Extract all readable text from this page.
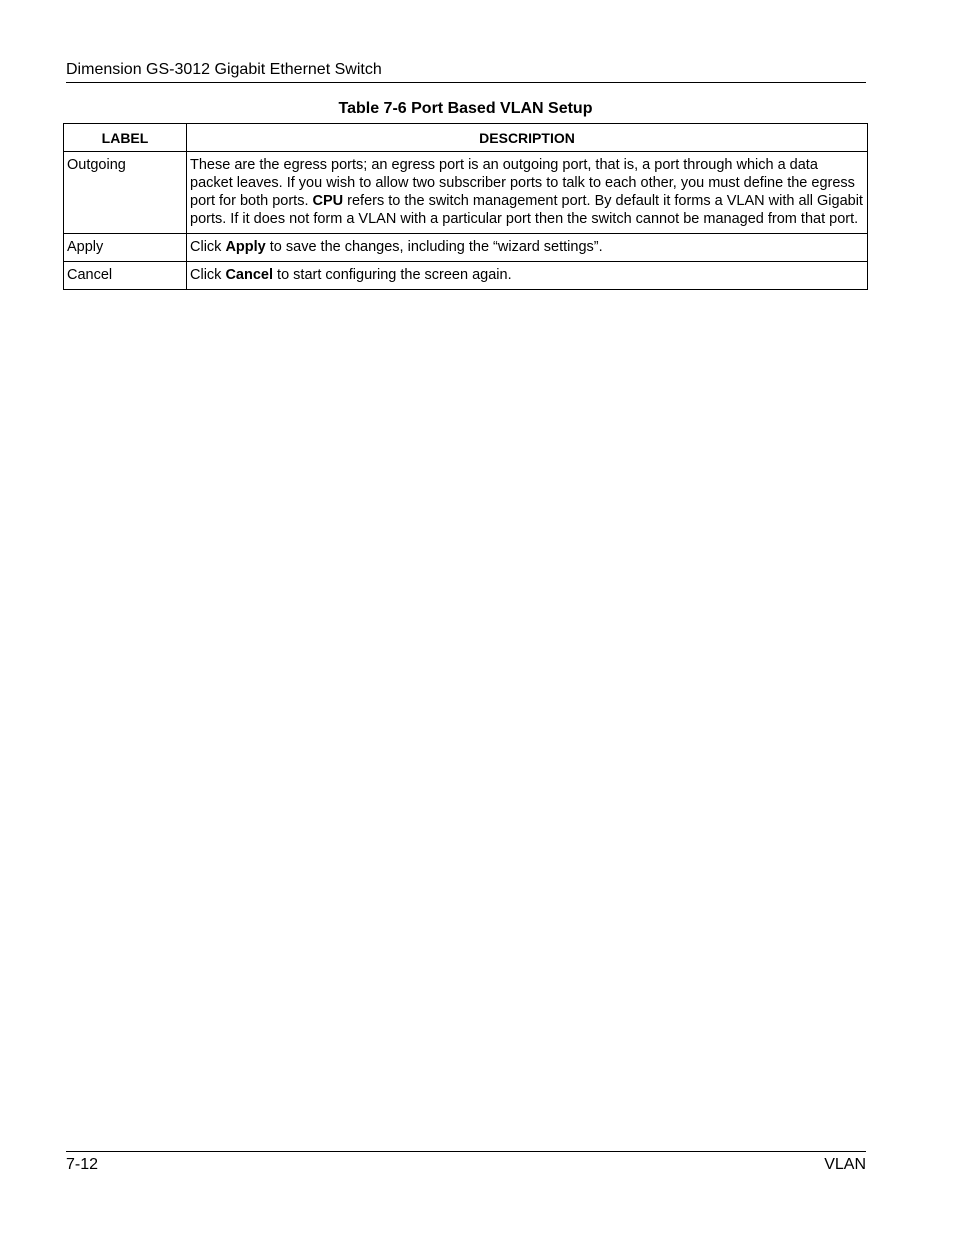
Dimension GS-3012 Gigabit Ethernet Switch
Table 7-6 Port Based VLAN Setup
LABEL	DESCRIPTION
Outgoing	These are the egress ports; an egress port is an outgoing port, that is, a port through which a data packet leaves. If you wish to allow two subscriber ports to talk to each other, you must define the egress port for both ports. CPU refers to the switch management port. By default it forms a VLAN with all Gigabit ports. If it does not form a VLAN with a particular port then the switch cannot be managed from that port.
Apply	Click Apply to save the changes, including the “wizard settings”.
Cancel	Click Cancel to start configuring the screen again.
7-12	VLAN
